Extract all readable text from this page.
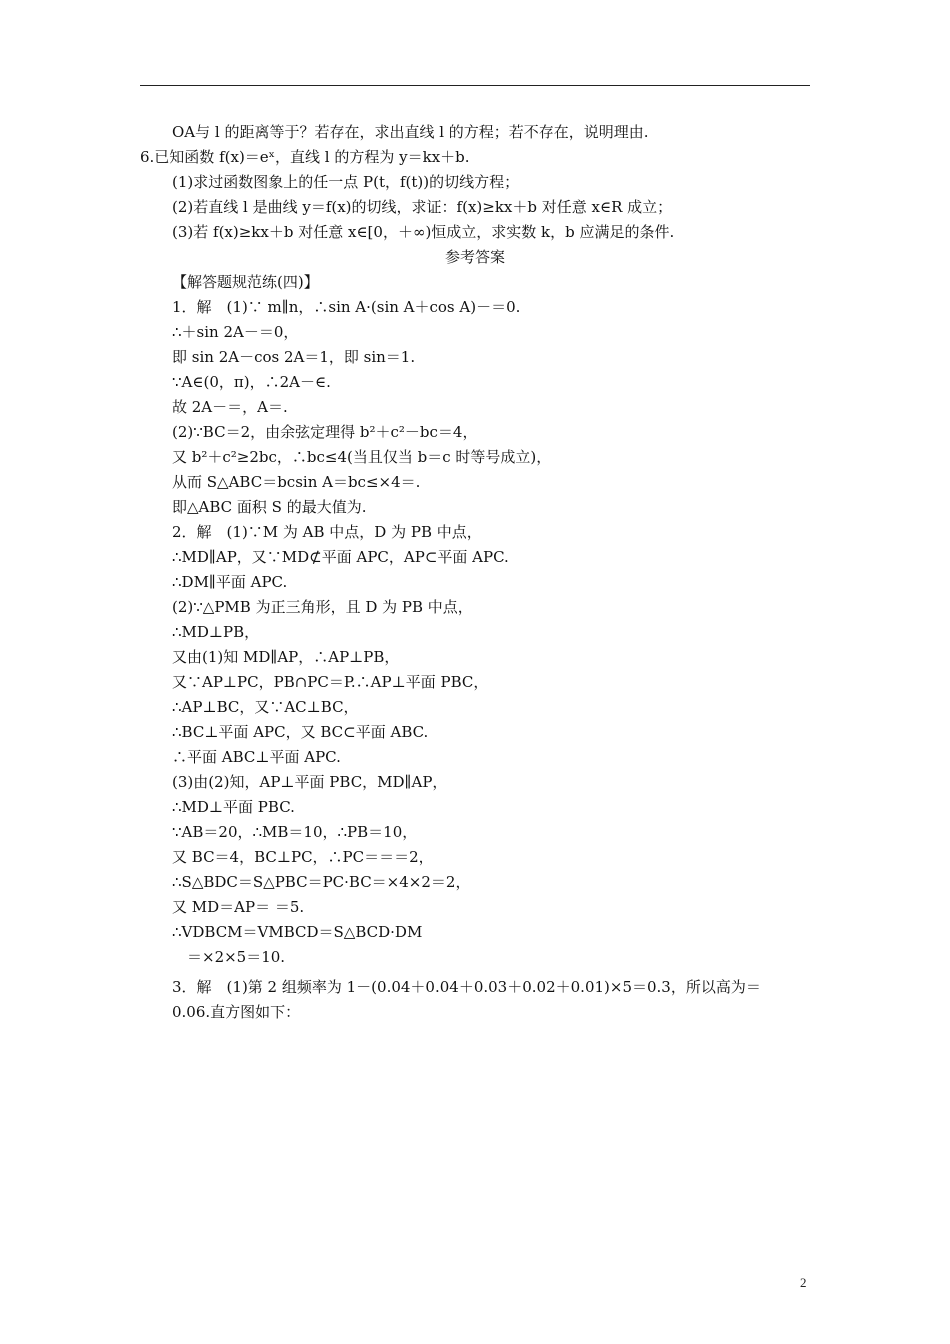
OA与 l 的距离等于？若存在，求出直线 l 的方程；若不存在，说明理由.
6.已知函数 f(x)＝eˣ，直线 l 的方程为 y＝kx＋b.
(1)求过函数图象上的任一点 P(t，f(t))的切线方程；
(2)若直线 l 是曲线 y＝f(x)的切线，求证：f(x)≥kx＋b 对任意 x∈R 成立；
(3)若 f(x)≥kx＋b 对任意 x∈[0，＋∞)恒成立，求实数 k，b 应满足的条件.
参考答案
【解答题规范练(四)】
1．解　(1)∵ m∥n，∴sin A·(sin A＋cos A)－＝0.
∴＋sin 2A－＝0，
即 sin 2A－cos 2A＝1，即 sin＝1.
∵A∈(0，π)，∴2A－∈.
故 2A－＝，A＝.
(2)∵BC＝2，由余弦定理得 b²＋c²－bc＝4，
又 b²＋c²≥2bc，∴bc≤4(当且仅当 b＝c 时等号成立)，
从而 S△ABC＝bcsin A＝bc≤×4＝.
即△ABC 面积 S 的最大值为.
2．解　(1)∵M 为 AB 中点，D 为 PB 中点，
∴MD∥AP，又∵MD⊄平面 APC，AP⊂平面 APC.
∴DM∥平面 APC.
(2)∵△PMB 为正三角形，且 D 为 PB 中点，
∴MD⊥PB，
又由(1)知 MD∥AP，∴AP⊥PB，
又∵AP⊥PC，PB∩PC＝P.∴AP⊥平面 PBC，
∴AP⊥BC，又∵AC⊥BC，
∴BC⊥平面 APC，又 BC⊂平面 ABC.
∴平面 ABC⊥平面 APC.
(3)由(2)知，AP⊥平面 PBC，MD∥AP，
∴MD⊥平面 PBC.
∵AB＝20，∴MB＝10，∴PB＝10，
又 BC＝4，BC⊥PC，∴PC＝＝＝2，
∴S△BDC＝S△PBC＝PC·BC＝×4×2＝2，
又 MD＝AP＝ ＝5.
∴VDBCM＝VMBCD＝S△BCD·DM
　＝×2×5＝10.
3．解　(1)第 2 组频率为 1－(0.04＋0.04＋0.03＋0.02＋0.01)×5＝0.3，所以高为＝
0.06.直方图如下：
2
